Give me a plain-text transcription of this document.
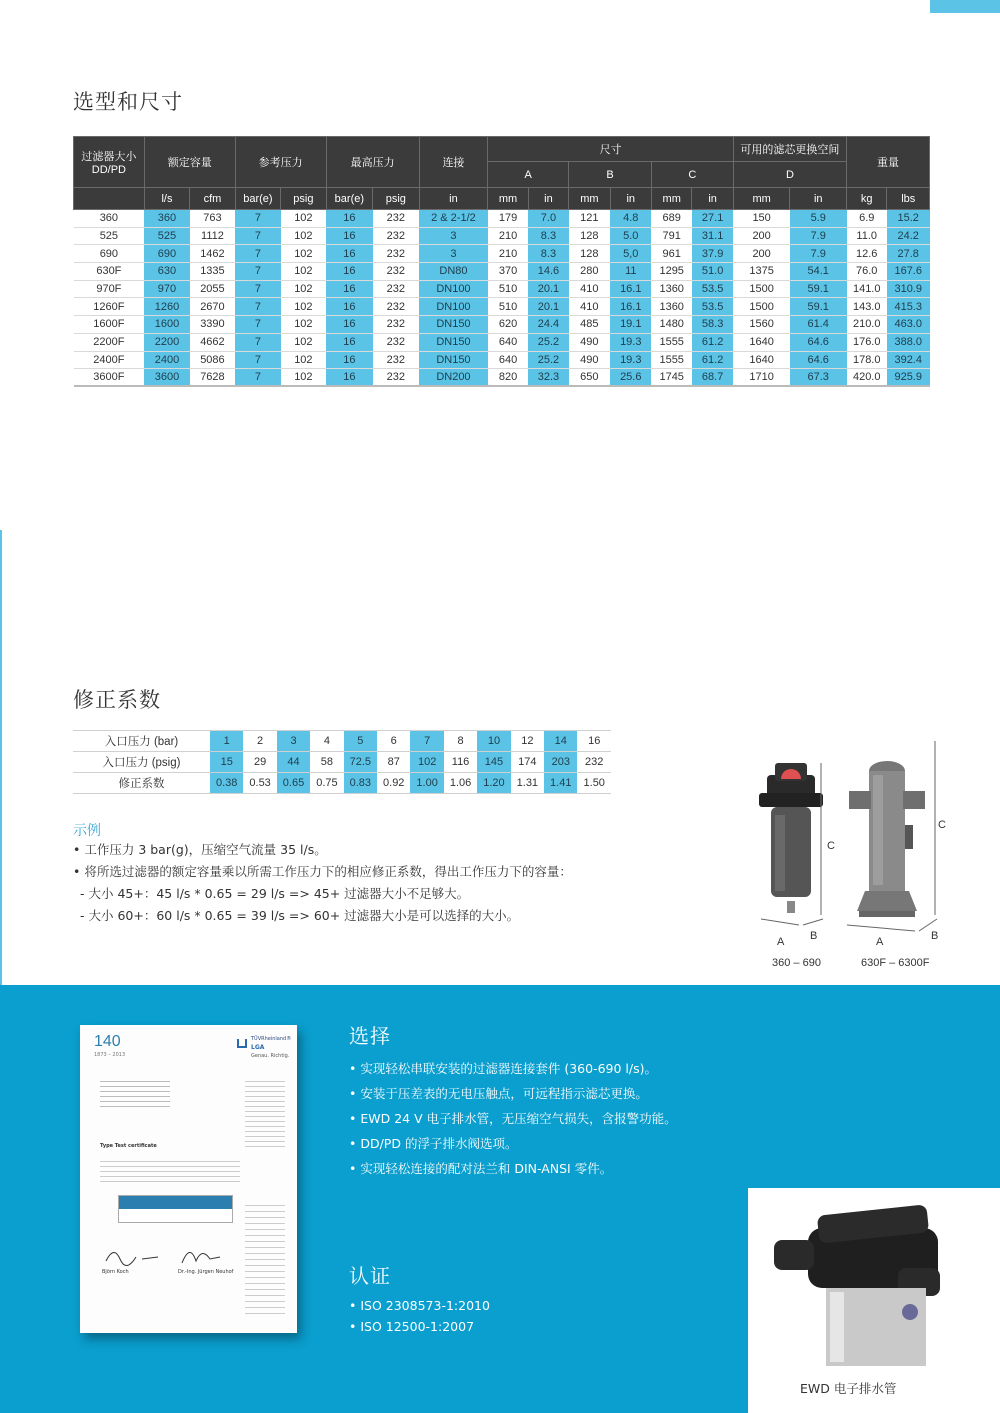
选型和尺寸
过滤器大小 DD/PD	额定容量		参考压力		最高压力		连接	尺寸						可用的滤芯更换空间		重量	
								A		B		C		D			
	l/s	cfm	bar(e)	psig	bar(e)	psig	in	mm	in	mm	in	mm	in	mm	in	kg	lbs
360	360	763	7	102	16	232	2 & 2-1/2	179	7.0	121	4.8	689	27.1	150	5.9	6.9	15.2
525	525	1112	7	102	16	232	3	210	8.3	128	5.0	791	31.1	200	7.9	11.0	24.2
690	690	1462	7	102	16	232	3	210	8.3	128	5,0	961	37.9	200	7.9	12.6	27.8
630F	630	1335	7	102	16	232	DN80	370	14.6	280	11	1295	51.0	1375	54.1	76.0	167.6
970F	970	2055	7	102	16	232	DN100	510	20.1	410	16.1	1360	53.5	1500	59.1	141.0	310.9
1260F	1260	2670	7	102	16	232	DN100	510	20.1	410	16.1	1360	53.5	1500	59.1	143.0	415.3
1600F	1600	3390	7	102	16	232	DN150	620	24.4	485	19.1	1480	58.3	1560	61.4	210.0	463.0
2200F	2200	4662	7	102	16	232	DN150	640	25.2	490	19.3	1555	61.2	1640	64.6	176.0	388.0
2400F	2400	5086	7	102	16	232	DN150	640	25.2	490	19.3	1555	61.2	1640	64.6	178.0	392.4
3600F	3600	7628	7	102	16	232	DN200	820	32.3	650	25.6	1745	68.7	1710	67.3	420.0	925.9
修正系数
入口压力 (bar)	1	2	3	4	5	6	7	8	10	12	14	16
入口压力 (psig)	15	29	44	58	72.5	87	102	116	145	174	203	232
修正系数	0.38	0.53	0.65	0.75	0.83	0.92	1.00	1.06	1.20	1.31	1.41	1.50
示例
• 工作压力 3 bar(g)，压缩空气流量 35 l/s。
• 将所选过滤器的额定容量乘以所需工作压力下的相应修正系数，得出工作压力下的容量：
- 大小 45+：45 l/s * 0.65 = 29 l/s => 45+ 过滤器大小不足够大。
- 大小 60+：60 l/s * 0.65 = 39 l/s => 60+ 过滤器大小是可以选择的大小。
C
A B
360 – 690
C
A	B
630F – 6300F
140
1873 – 2013
TÜVRheinland®
LGA
Genau. Richtig.
Type Test certificate
Björn Koch	Dr.-Ing. Jürgen Neuhof
选择
• 实现轻松串联安装的过滤器连接套件 (360-690 l/s)。
• 安装于压差表的无电压触点，可远程指示滤芯更换。
• EWD 24 V 电子排水管，无压缩空气损失，含报警功能。
• DD/PD 的浮子排水阀选项。
• 实现轻松连接的配对法兰和 DIN-ANSI 零件。
认证
• ISO 2308573-1:2010
• ISO 12500-1:2007
EWD 电子排水管
